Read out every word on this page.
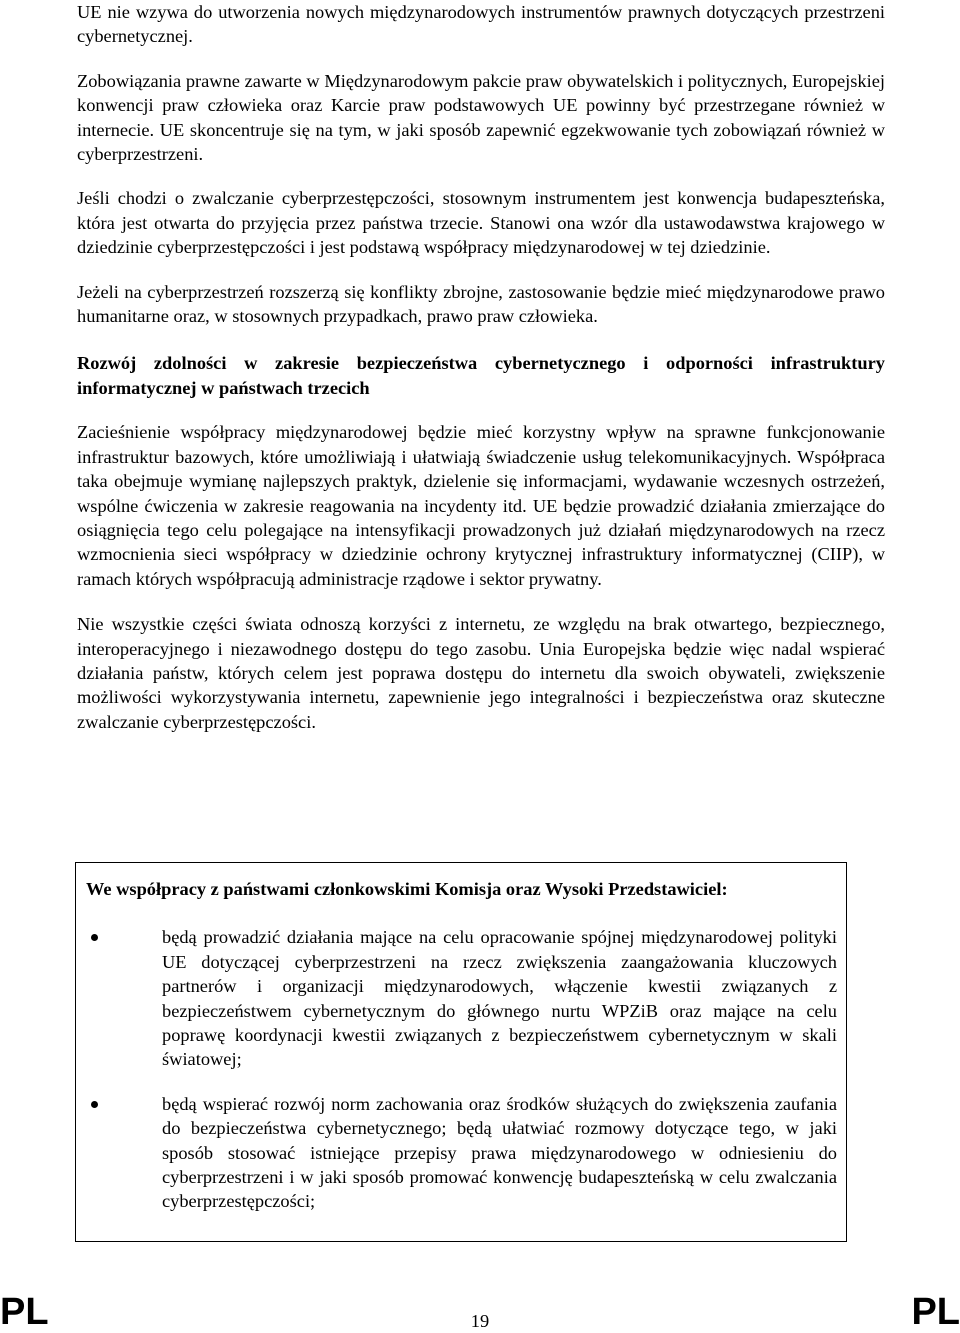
UE nie wzywa do utworzenia nowych międzynarodowych instrumentów prawnych dotyczących przestrzeni cybernetycznej.

Zobowiązania prawne zawarte w Międzynarodowym pakcie praw obywatelskich i politycznych, Europejskiej konwencji praw człowieka oraz Karcie praw podstawowych UE powinny być przestrzegane również w internecie. UE skoncentruje się na tym, w jaki sposób zapewnić egzekwowanie tych zobowiązań również w cyberprzestrzeni.

Jeśli chodzi o zwalczanie cyberprzestępczości, stosownym instrumentem jest konwencja budapeszteńska, która jest otwarta do przyjęcia przez państwa trzecie. Stanowi ona wzór dla ustawodawstwa krajowego w dziedzinie cyberprzestępczości i jest podstawą współpracy międzynarodowej w tej dziedzinie.

Jeżeli na cyberprzestrzeń rozszerzą się konflikty zbrojne, zastosowanie będzie mieć międzynarodowe prawo humanitarne oraz, w stosownych przypadkach, prawo praw człowieka.

Rozwój zdolności w zakresie bezpieczeństwa cybernetycznego i odporności infrastruktury informatycznej w państwach trzecich

Zacieśnienie współpracy międzynarodowej będzie mieć korzystny wpływ na sprawne funkcjonowanie infrastruktur bazowych, które umożliwiają i ułatwiają świadczenie usług telekomunikacyjnych. Współpraca taka obejmuje wymianę najlepszych praktyk, dzielenie się informacjami, wydawanie wczesnych ostrzeżeń, wspólne ćwiczenia w zakresie reagowania na incydenty itd. UE będzie prowadzić działania zmierzające do osiągnięcia tego celu polegające na intensyfikacji prowadzonych już działań międzynarodowych na rzecz wzmocnienia sieci współpracy w dziedzinie ochrony krytycznej infrastruktury informatycznej (CIIP), w ramach których współpracują administracje rządowe i sektor prywatny.

Nie wszystkie części świata odnoszą korzyści z internetu, ze względu na brak otwartego, bezpiecznego, interoperacyjnego i niezawodnego dostępu do tego zasobu. Unia Europejska będzie więc nadal wspierać działania państw, których celem jest poprawa dostępu do internetu dla swoich obywateli, zwiększenie możliwości wykorzystywania internetu, zapewnienie jego integralności i bezpieczeństwa oraz skuteczne zwalczanie cyberprzestępczości.

We współpracy z państwami członkowskimi Komisja oraz Wysoki Przedstawiciel:

będą prowadzić działania mające na celu opracowanie spójnej międzynarodowej polityki UE dotyczącej cyberprzestrzeni na rzecz zwiększenia zaangażowania kluczowych partnerów i organizacji międzynarodowych, włączenie kwestii związanych z bezpieczeństwem cybernetycznym do głównego nurtu WPZiB oraz mające na celu poprawę koordynacji kwestii związanych z bezpieczeństwem cybernetycznym w skali światowej;

będą wspierać rozwój norm zachowania oraz środków służących do zwiększenia zaufania do bezpieczeństwa cybernetycznego; będą ułatwiać rozmowy dotyczące tego, w jaki sposób stosować istniejące przepisy prawa międzynarodowego w odniesieniu do cyberprzestrzeni i w jaki sposób promować konwencję budapeszteńską w celu zwalczania cyberprzestępczości;

PL	19	PL
